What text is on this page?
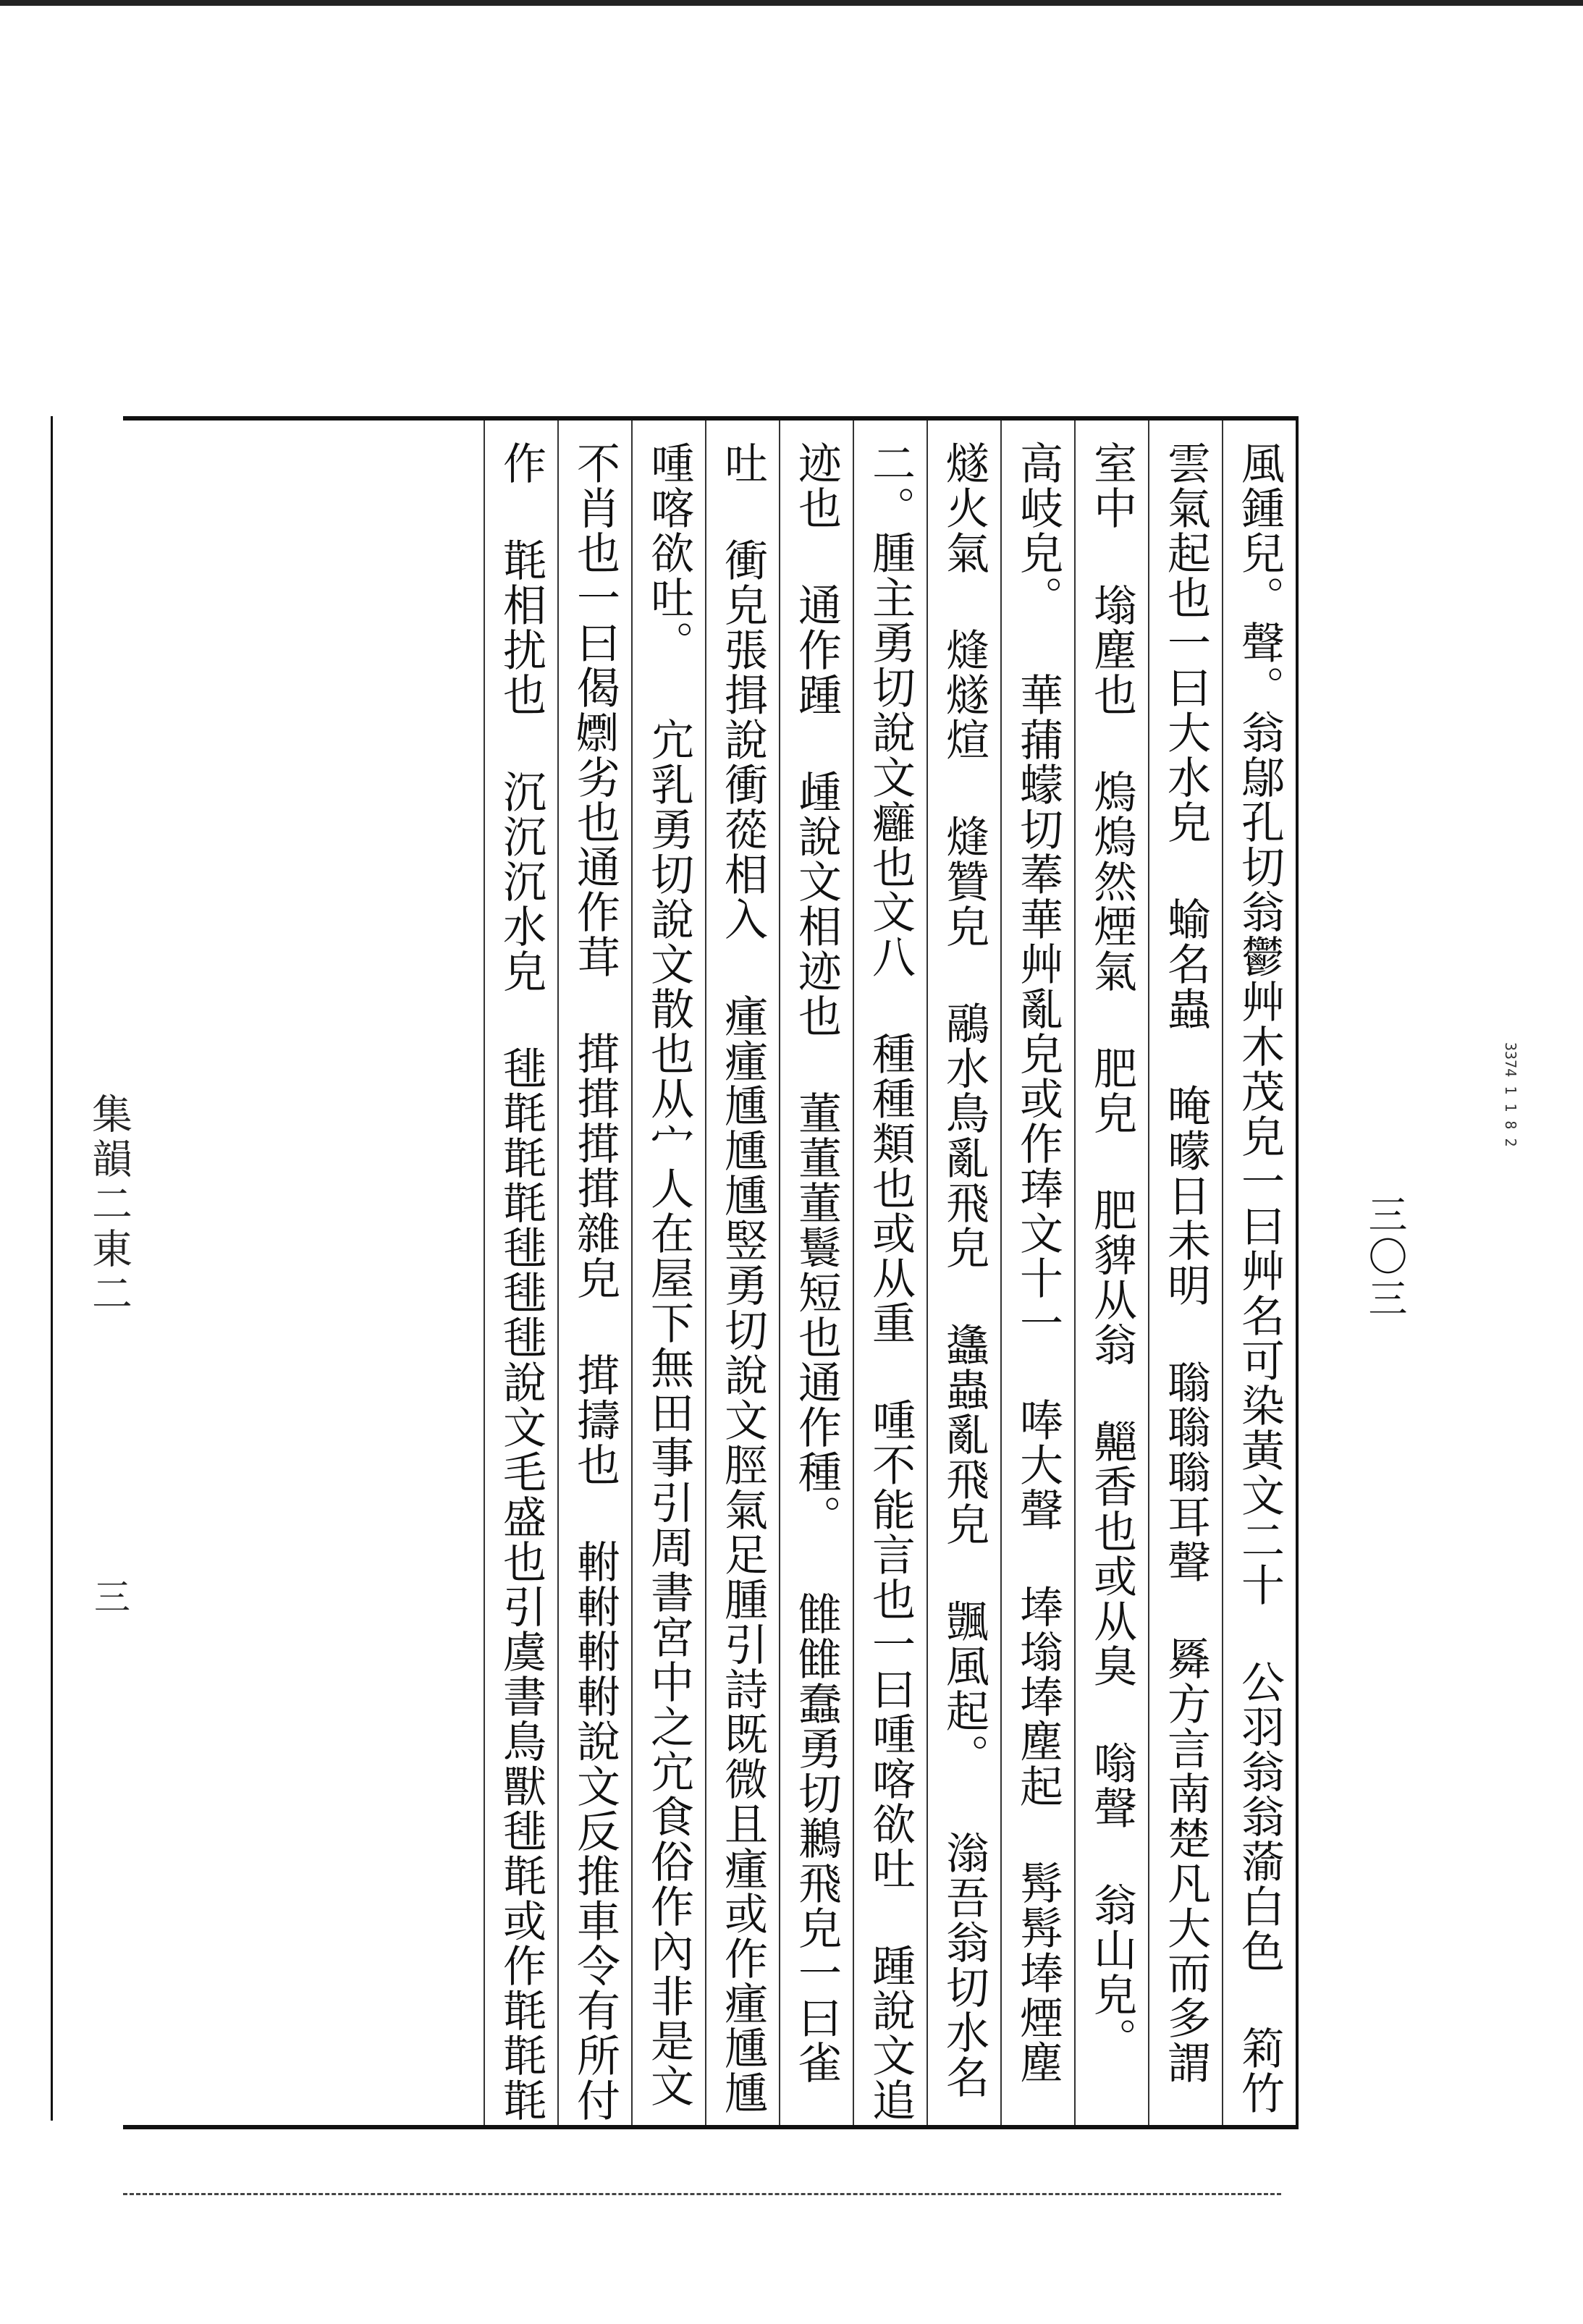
3374 1 1 8 2
三〇三
集韻二東二
三	風鍾兒。聲。翁鄔孔切翁鬱艸木茂皃一曰艸名可染黃文二十 公羽翁翁蕍白色 筣竹
雲氣起也一曰大水皃 蝓名蟲 晻曚日未明 聬聬聬耳聲 䑞方言南楚凡大而多謂
室中 塕塵也 熓熓然煙氣 肥皃 肥貏从翁 齆香也或从臭 嗡聲 翁山皃。
高岐皃。 華蒱蠓切菶華艸亂皃或作琫文十一 唪大聲 埲塕埲塵起 𩬅𩬅埲煙塵
燧火氣 熢燧煊 熢贊皃 鷊水鳥亂飛皃 蠭蟲亂飛皃 颽風起。 滃吾翁切水名
二。腫主勇切說文癰也文八 種種類也或从重 喠不能言也一曰喠喀欲吐 踵說文追
迹也 通作踵 歱說文相迹也 董董董鬟短也通作種。 雔雔蠢勇切鶼飛皃一曰雀
吐 衝皃張揖說衝蓯相入 瘇瘇尰尰尰竪勇切說文脛氣足腫引詩既微且瘇或作瘇尰尰
喠喀欲吐。 宂乳勇切說文散也从宀人在屋下無田事引周書宮中之宂食俗作內非是文
不肖也一曰偈𡢱劣也通作茸 搑搑搑搑雜皃 搑擣也 軵軵軵軵說文反推車令有所付
作 㲨相扰也 沉沉沉水皃 毴㲨㲨㲨毴毴毴說文毛盛也引虞書鳥獸毴㲨或作㲨㲨㲨
